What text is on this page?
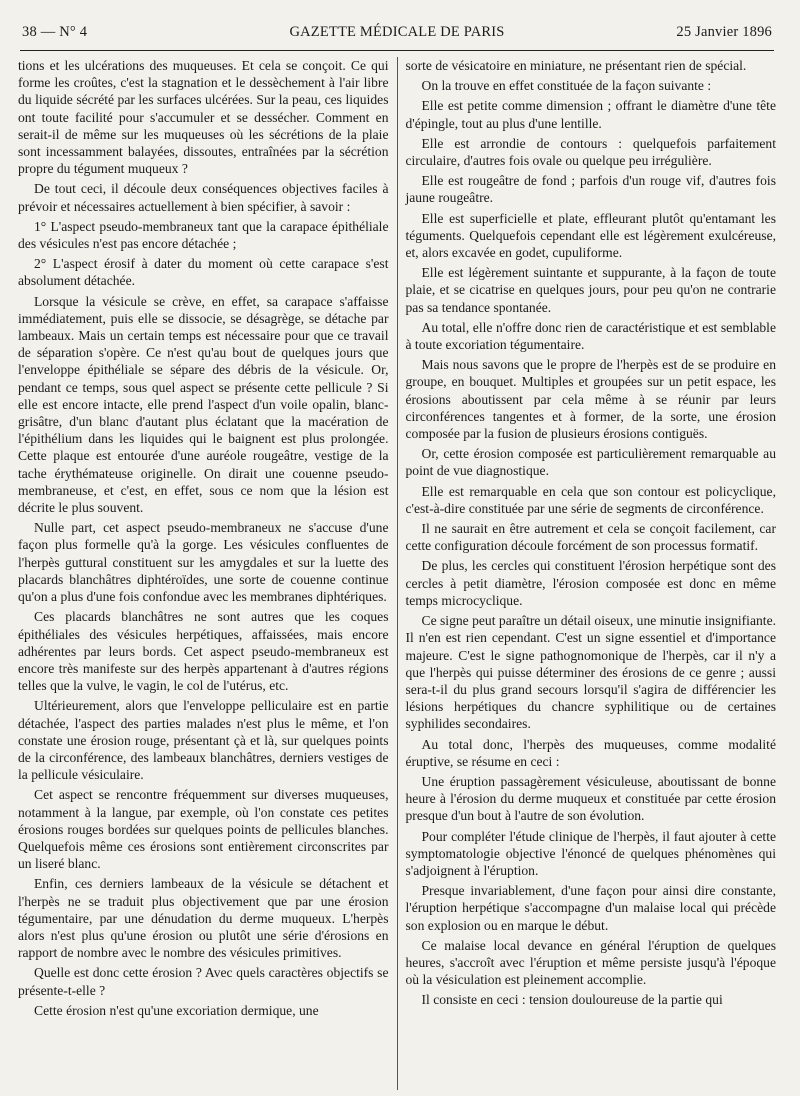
38 — N° 4	GAZETTE MÉDICALE DE PARIS	25 Janvier 1896

tions et les ulcérations des muqueuses. Et cela se conçoit. Ce qui forme les croûtes, c'est la stagnation et le dessèchement à l'air libre du liquide sécrété par les surfaces ulcérées. Sur la peau, ces liquides ont toute facilité pour s'accumuler et se dessécher. Comment en serait-il de même sur les muqueuses où les sécrétions de la plaie sont incessamment balayées, dissoutes, entraînées par la sécrétion propre du tégument muqueux ?

De tout ceci, il découle deux conséquences objectives faciles à prévoir et nécessaires actuellement à bien spécifier, à savoir :

1° L'aspect pseudo-membraneux tant que la carapace épithéliale des vésicules n'est pas encore détachée ;

2° L'aspect érosif à dater du moment où cette carapace s'est absolument détachée.

Lorsque la vésicule se crève, en effet, sa carapace s'affaisse immédiatement, puis elle se dissocie, se désagrège, se détache par lambeaux. Mais un certain temps est nécessaire pour que ce travail de séparation s'opère. Ce n'est qu'au bout de quelques jours que l'enveloppe épithéliale se sépare des débris de la vésicule. Or, pendant ce temps, sous quel aspect se présente cette pellicule ? Si elle est encore intacte, elle prend l'aspect d'un voile opalin, blanc-grisâtre, d'un blanc d'autant plus éclatant que la macération de l'épithélium dans les liquides qui le baignent est plus prolongée. Cette plaque est entourée d'une auréole rougeâtre, vestige de la tache érythémateuse originelle. On dirait une couenne pseudo-membraneuse, et c'est, en effet, sous ce nom que la lésion est décrite le plus souvent.

Nulle part, cet aspect pseudo-membraneux ne s'accuse d'une façon plus formelle qu'à la gorge. Les vésicules confluentes de l'herpès guttural constituent sur les amygdales et sur la luette des placards blanchâtres diphtéroïdes, une sorte de couenne continue qu'on a plus d'une fois confondue avec les membranes diphtériques.

Ces placards blanchâtres ne sont autres que les coques épithéliales des vésicules herpétiques, affaissées, mais encore adhérentes par leurs bords. Cet aspect pseudo-membraneux est encore très manifeste sur des herpès appartenant à d'autres régions telles que la vulve, le vagin, le col de l'utérus, etc.

Ultérieurement, alors que l'enveloppe pelliculaire est en partie détachée, l'aspect des parties malades n'est plus le même, et l'on constate une érosion rouge, présentant çà et là, sur quelques points de la circonférence, des lambeaux blanchâtres, derniers vestiges de la pellicule vésiculaire.

Cet aspect se rencontre fréquemment sur diverses muqueuses, notamment à la langue, par exemple, où l'on constate ces petites érosions rouges bordées sur quelques points de pellicules blanches. Quelquefois même ces érosions sont entièrement circonscrites par un liseré blanc.

Enfin, ces derniers lambeaux de la vésicule se détachent et l'herpès ne se traduit plus objectivement que par une érosion tégumentaire, par une dénudation du derme muqueux. L'herpès alors n'est plus qu'une érosion ou plutôt une série d'érosions en rapport de nombre avec le nombre des vésicules primitives.

Quelle est donc cette érosion ? Avec quels caractères objectifs se présente-t-elle ?

Cette érosion n'est qu'une excoriation dermique, une

sorte de vésicatoire en miniature, ne présentant rien de spécial.

On la trouve en effet constituée de la façon suivante :

Elle est petite comme dimension ; offrant le diamètre d'une tête d'épingle, tout au plus d'une lentille.

Elle est arrondie de contours : quelquefois parfaitement circulaire, d'autres fois ovale ou quelque peu irrégulière.

Elle est rougeâtre de fond ; parfois d'un rouge vif, d'autres fois jaune rougeâtre.

Elle est superficielle et plate, effleurant plutôt qu'entamant les téguments. Quelquefois cependant elle est légèrement exulcéreuse, et, alors excavée en godet, cupuliforme.

Elle est légèrement suintante et suppurante, à la façon de toute plaie, et se cicatrise en quelques jours, pour peu qu'on ne contrarie pas sa tendance spontanée.

Au total, elle n'offre donc rien de caractéristique et est semblable à toute excoriation tégumentaire.

Mais nous savons que le propre de l'herpès est de se produire en groupe, en bouquet. Multiples et groupées sur un petit espace, les érosions aboutissent par cela même à se réunir par leurs circonférences tangentes et à former, de la sorte, une érosion composée par la fusion de plusieurs érosions contiguës.

Or, cette érosion composée est particulièrement remarquable au point de vue diagnostique.

Elle est remarquable en cela que son contour est policyclique, c'est-à-dire constituée par une série de segments de circonférence.

Il ne saurait en être autrement et cela se conçoit facilement, car cette configuration découle forcément de son processus formatif.

De plus, les cercles qui constituent l'érosion herpétique sont des cercles à petit diamètre, l'érosion composée est donc en même temps microcyclique.

Ce signe peut paraître un détail oiseux, une minutie insignifiante. Il n'en est rien cependant. C'est un signe essentiel et d'importance majeure. C'est le signe pathognomonique de l'herpès, car il n'y a que l'herpès qui puisse déterminer des érosions de ce genre ; aussi sera-t-il du plus grand secours lorsqu'il s'agira de différencier les lésions herpétiques du chancre syphilitique ou de certaines syphilides secondaires.

Au total donc, l'herpès des muqueuses, comme modalité éruptive, se résume en ceci :

Une éruption passagèrement vésiculeuse, aboutissant de bonne heure à l'érosion du derme muqueux et constituée par cette érosion presque d'un bout à l'autre de son évolution.

Pour compléter l'étude clinique de l'herpès, il faut ajouter à cette symptomatologie objective l'énoncé de quelques phénomènes qui s'adjoignent à l'éruption.

Presque invariablement, d'une façon pour ainsi dire constante, l'éruption herpétique s'accompagne d'un malaise local qui précède son explosion ou en marque le début.

Ce malaise local devance en général l'éruption de quelques heures, s'accroît avec l'éruption et même persiste jusqu'à l'époque où la vésiculation est pleinement accomplie.

Il consiste en ceci : tension douloureuse de la partie qui
